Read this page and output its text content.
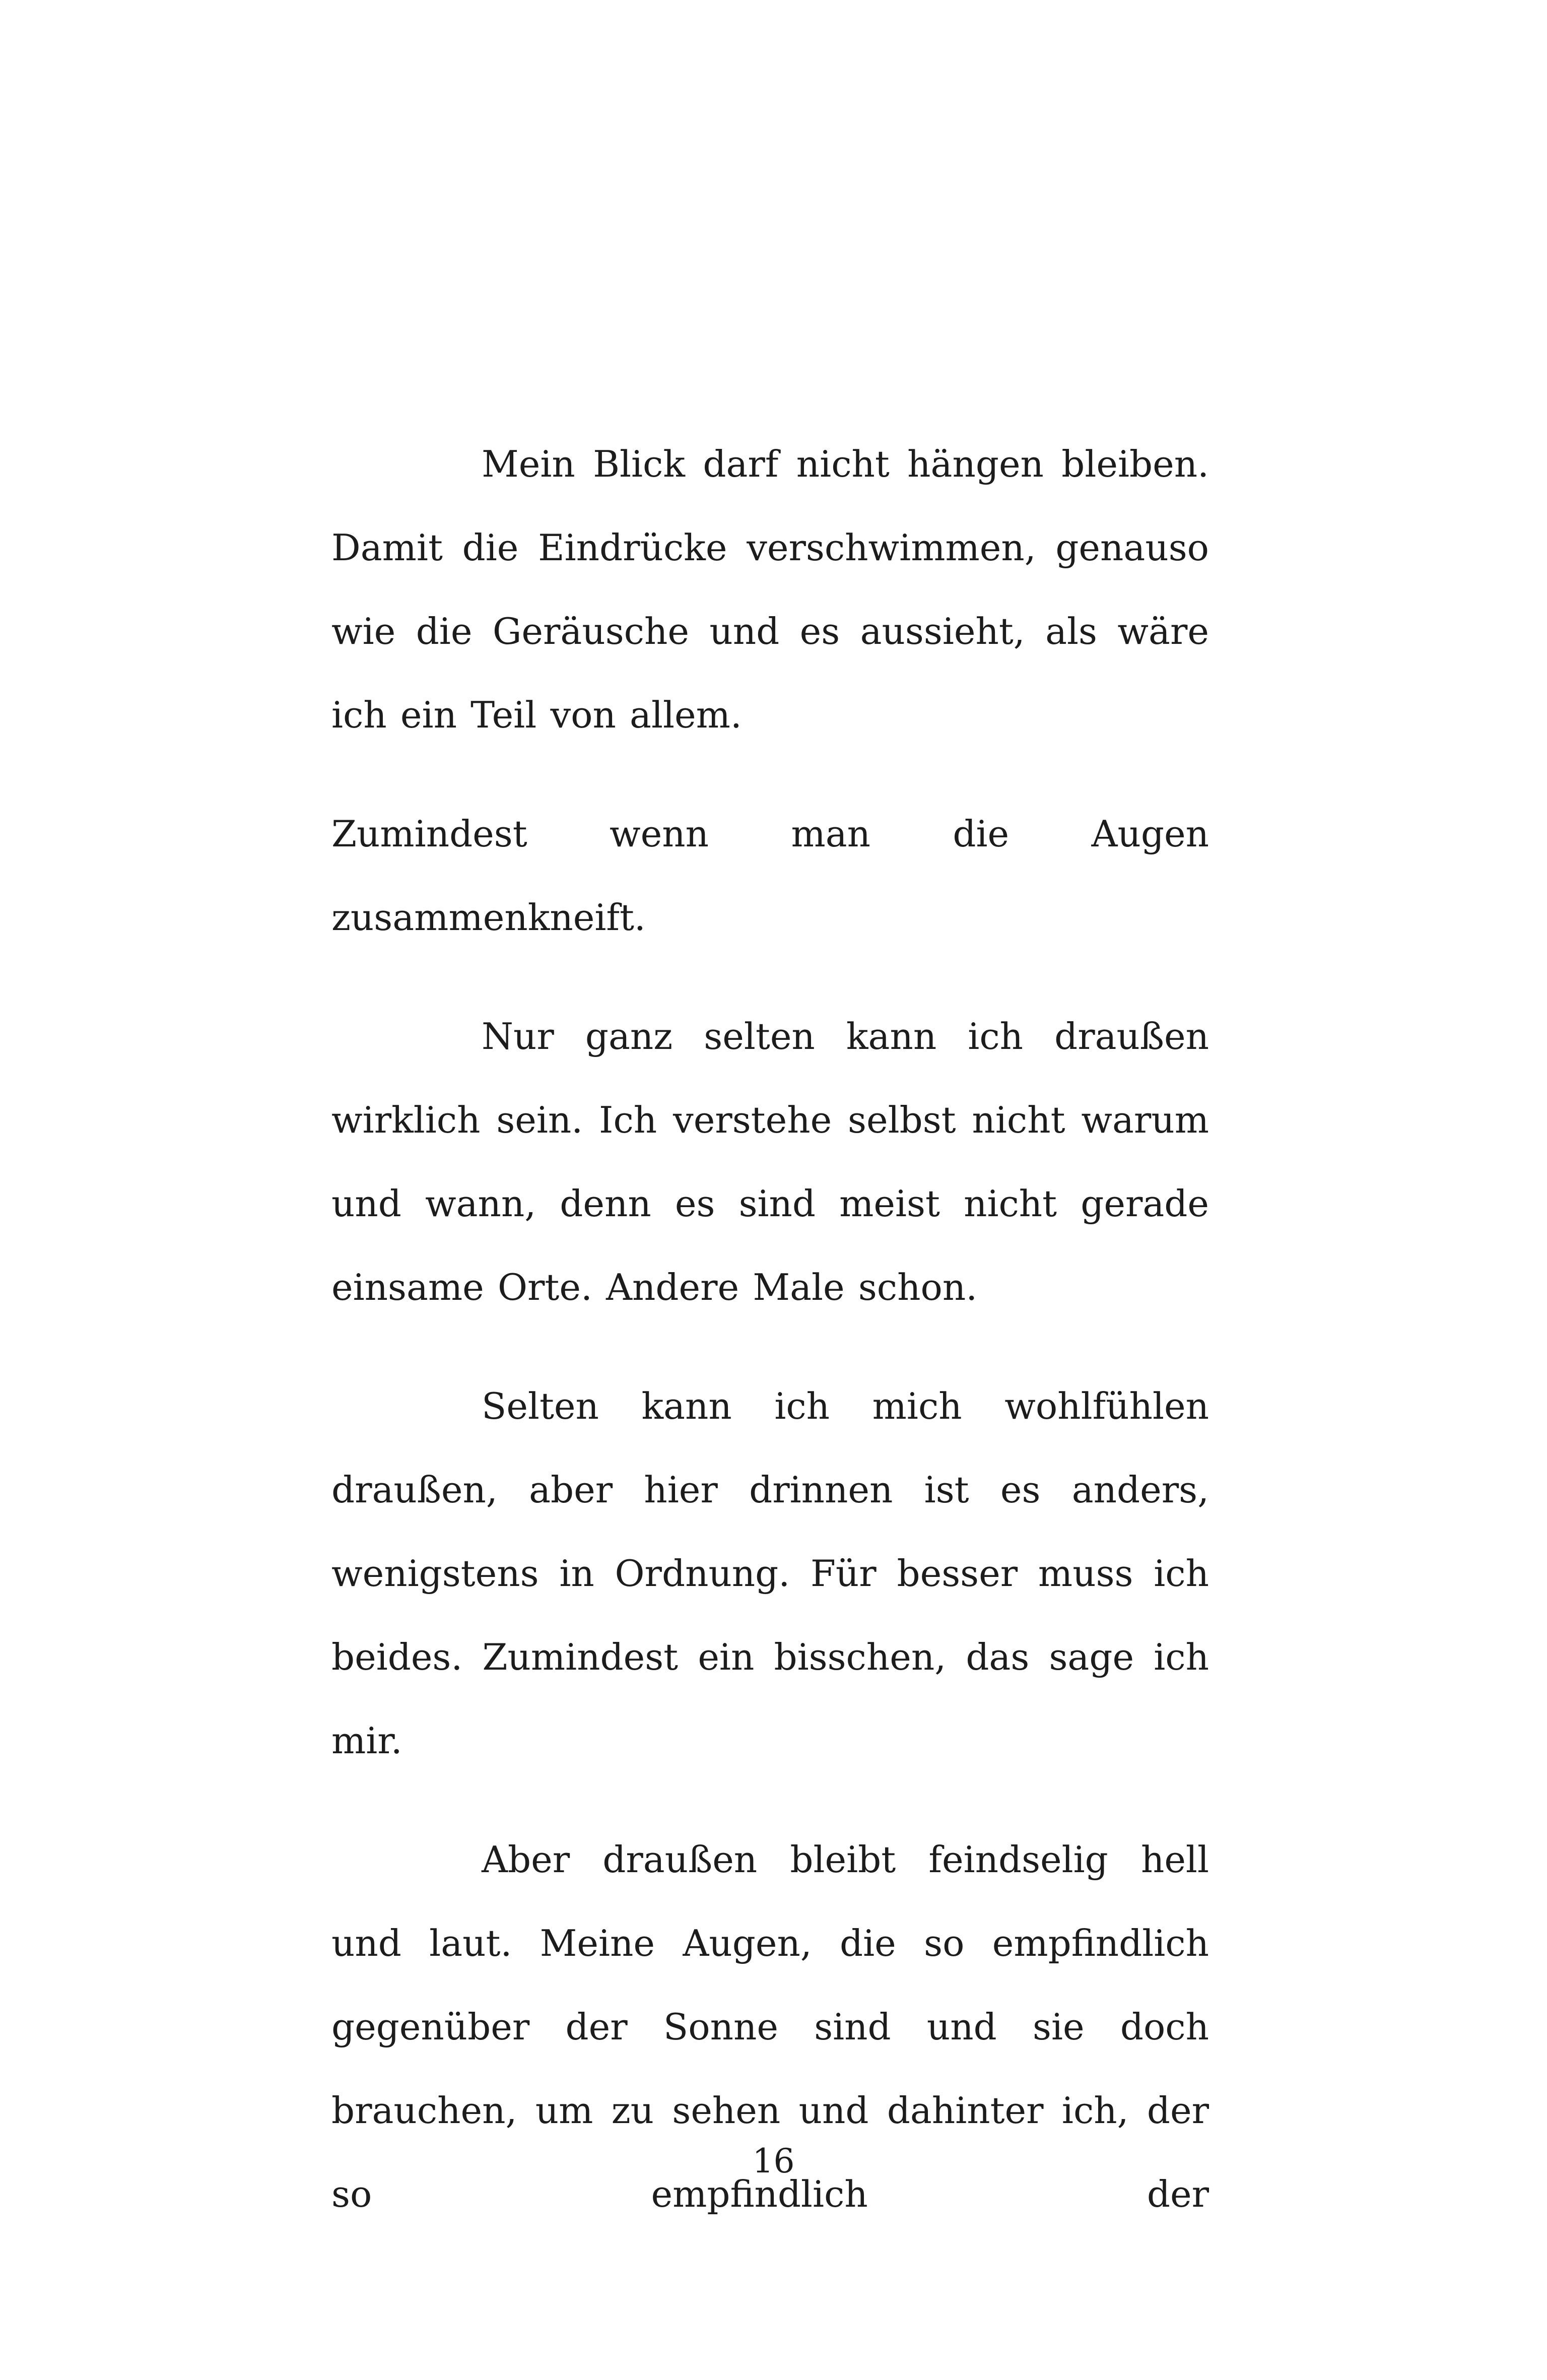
Mein Blick darf nicht hängen bleiben. Damit die Eindrücke verschwimmen, genauso wie die Geräusche und es aussieht, als wäre ich ein Teil von allem.

Zumindest wenn man die Augen zusammenkneift.

Nur ganz selten kann ich draußen wirklich sein. Ich verstehe selbst nicht warum und wann, denn es sind meist nicht gerade einsame Orte. Andere Male schon.

Selten kann ich mich wohlfühlen draußen, aber hier drinnen ist es anders, wenigstens in Ordnung. Für besser muss ich beides. Zumindest ein bisschen, das sage ich mir.

Aber draußen bleibt feindselig hell und laut. Meine Augen, die so empfindlich gegenüber der Sonne sind und sie doch brauchen, um zu sehen und dahinter ich, der so empfindlich der

16
